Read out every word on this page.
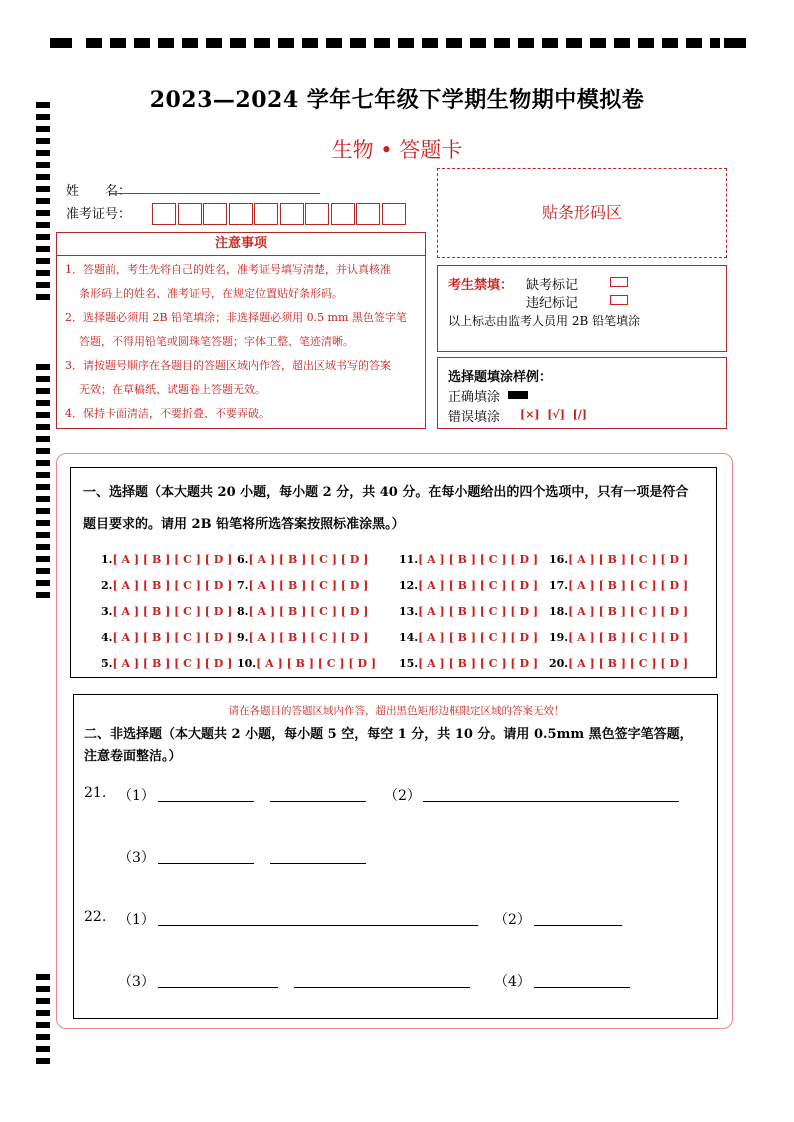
2023—2024 学年七年级下学期生物期中模拟卷
生物 • 答题卡
姓　　名：
准考证号：	贴条形码区
注意事项
1．答题前，考生先将自己的姓名，准考证号填写清楚，并认真核准
条形码上的姓名、准考证号，在规定位置贴好条形码。
2．选择题必须用 2B 铅笔填涂；非选择题必须用 0.5 mm 黑色签字笔
答题，不得用铅笔或圆珠笔答题；字体工整、笔迹清晰。
3．请按题号顺序在各题目的答题区域内作答，超出区域书写的答案
无效；在草稿纸、试题卷上答题无效。
4．保持卡面清洁，不要折叠、不要弄破。
考生禁填： 缺考标记
违纪标记
以上标志由监考人员用 2B 铅笔填涂
选择题填涂样例：
正确填涂
错误填涂 [×]  [√]  [/]
一、选择题（本大题共 20 小题，每小题 2 分，共 40 分。在每小题给出的四个选项中，只有一项是符合
题目要求的。请用 2B 铅笔将所选答案按照标准涂黑。）
1.[ A ] [ B ] [ C ] [ D ]
2.[ A ] [ B ] [ C ] [ D ]
3.[ A ] [ B ] [ C ] [ D ]
4.[ A ] [ B ] [ C ] [ D ]
5.[ A ] [ B ] [ C ] [ D ]
6.[ A ] [ B ] [ C ] [ D ]
7.[ A ] [ B ] [ C ] [ D ]
8.[ A ] [ B ] [ C ] [ D ]
9.[ A ] [ B ] [ C ] [ D ]
10.[ A ] [ B ] [ C ] [ D ]
11.[ A ] [ B ] [ C ] [ D ]
12.[ A ] [ B ] [ C ] [ D ]
13.[ A ] [ B ] [ C ] [ D ]
14.[ A ] [ B ] [ C ] [ D ]
15.[ A ] [ B ] [ C ] [ D ]
16.[ A ] [ B ] [ C ] [ D ]
17.[ A ] [ B ] [ C ] [ D ]
18.[ A ] [ B ] [ C ] [ D ]
19.[ A ] [ B ] [ C ] [ D ]
20.[ A ] [ B ] [ C ] [ D ]
请在各题目的答题区域内作答，超出黑色矩形边框限定区域的答案无效！
二、非选择题（本大题共 2 小题，每小题 5 空，每空 1 分，共 10 分。请用 0.5mm 黑色签字笔答题，
注意卷面整洁。）
21. （1）	（2）
（3）
22. （1）	（2）
（3）	（4）
